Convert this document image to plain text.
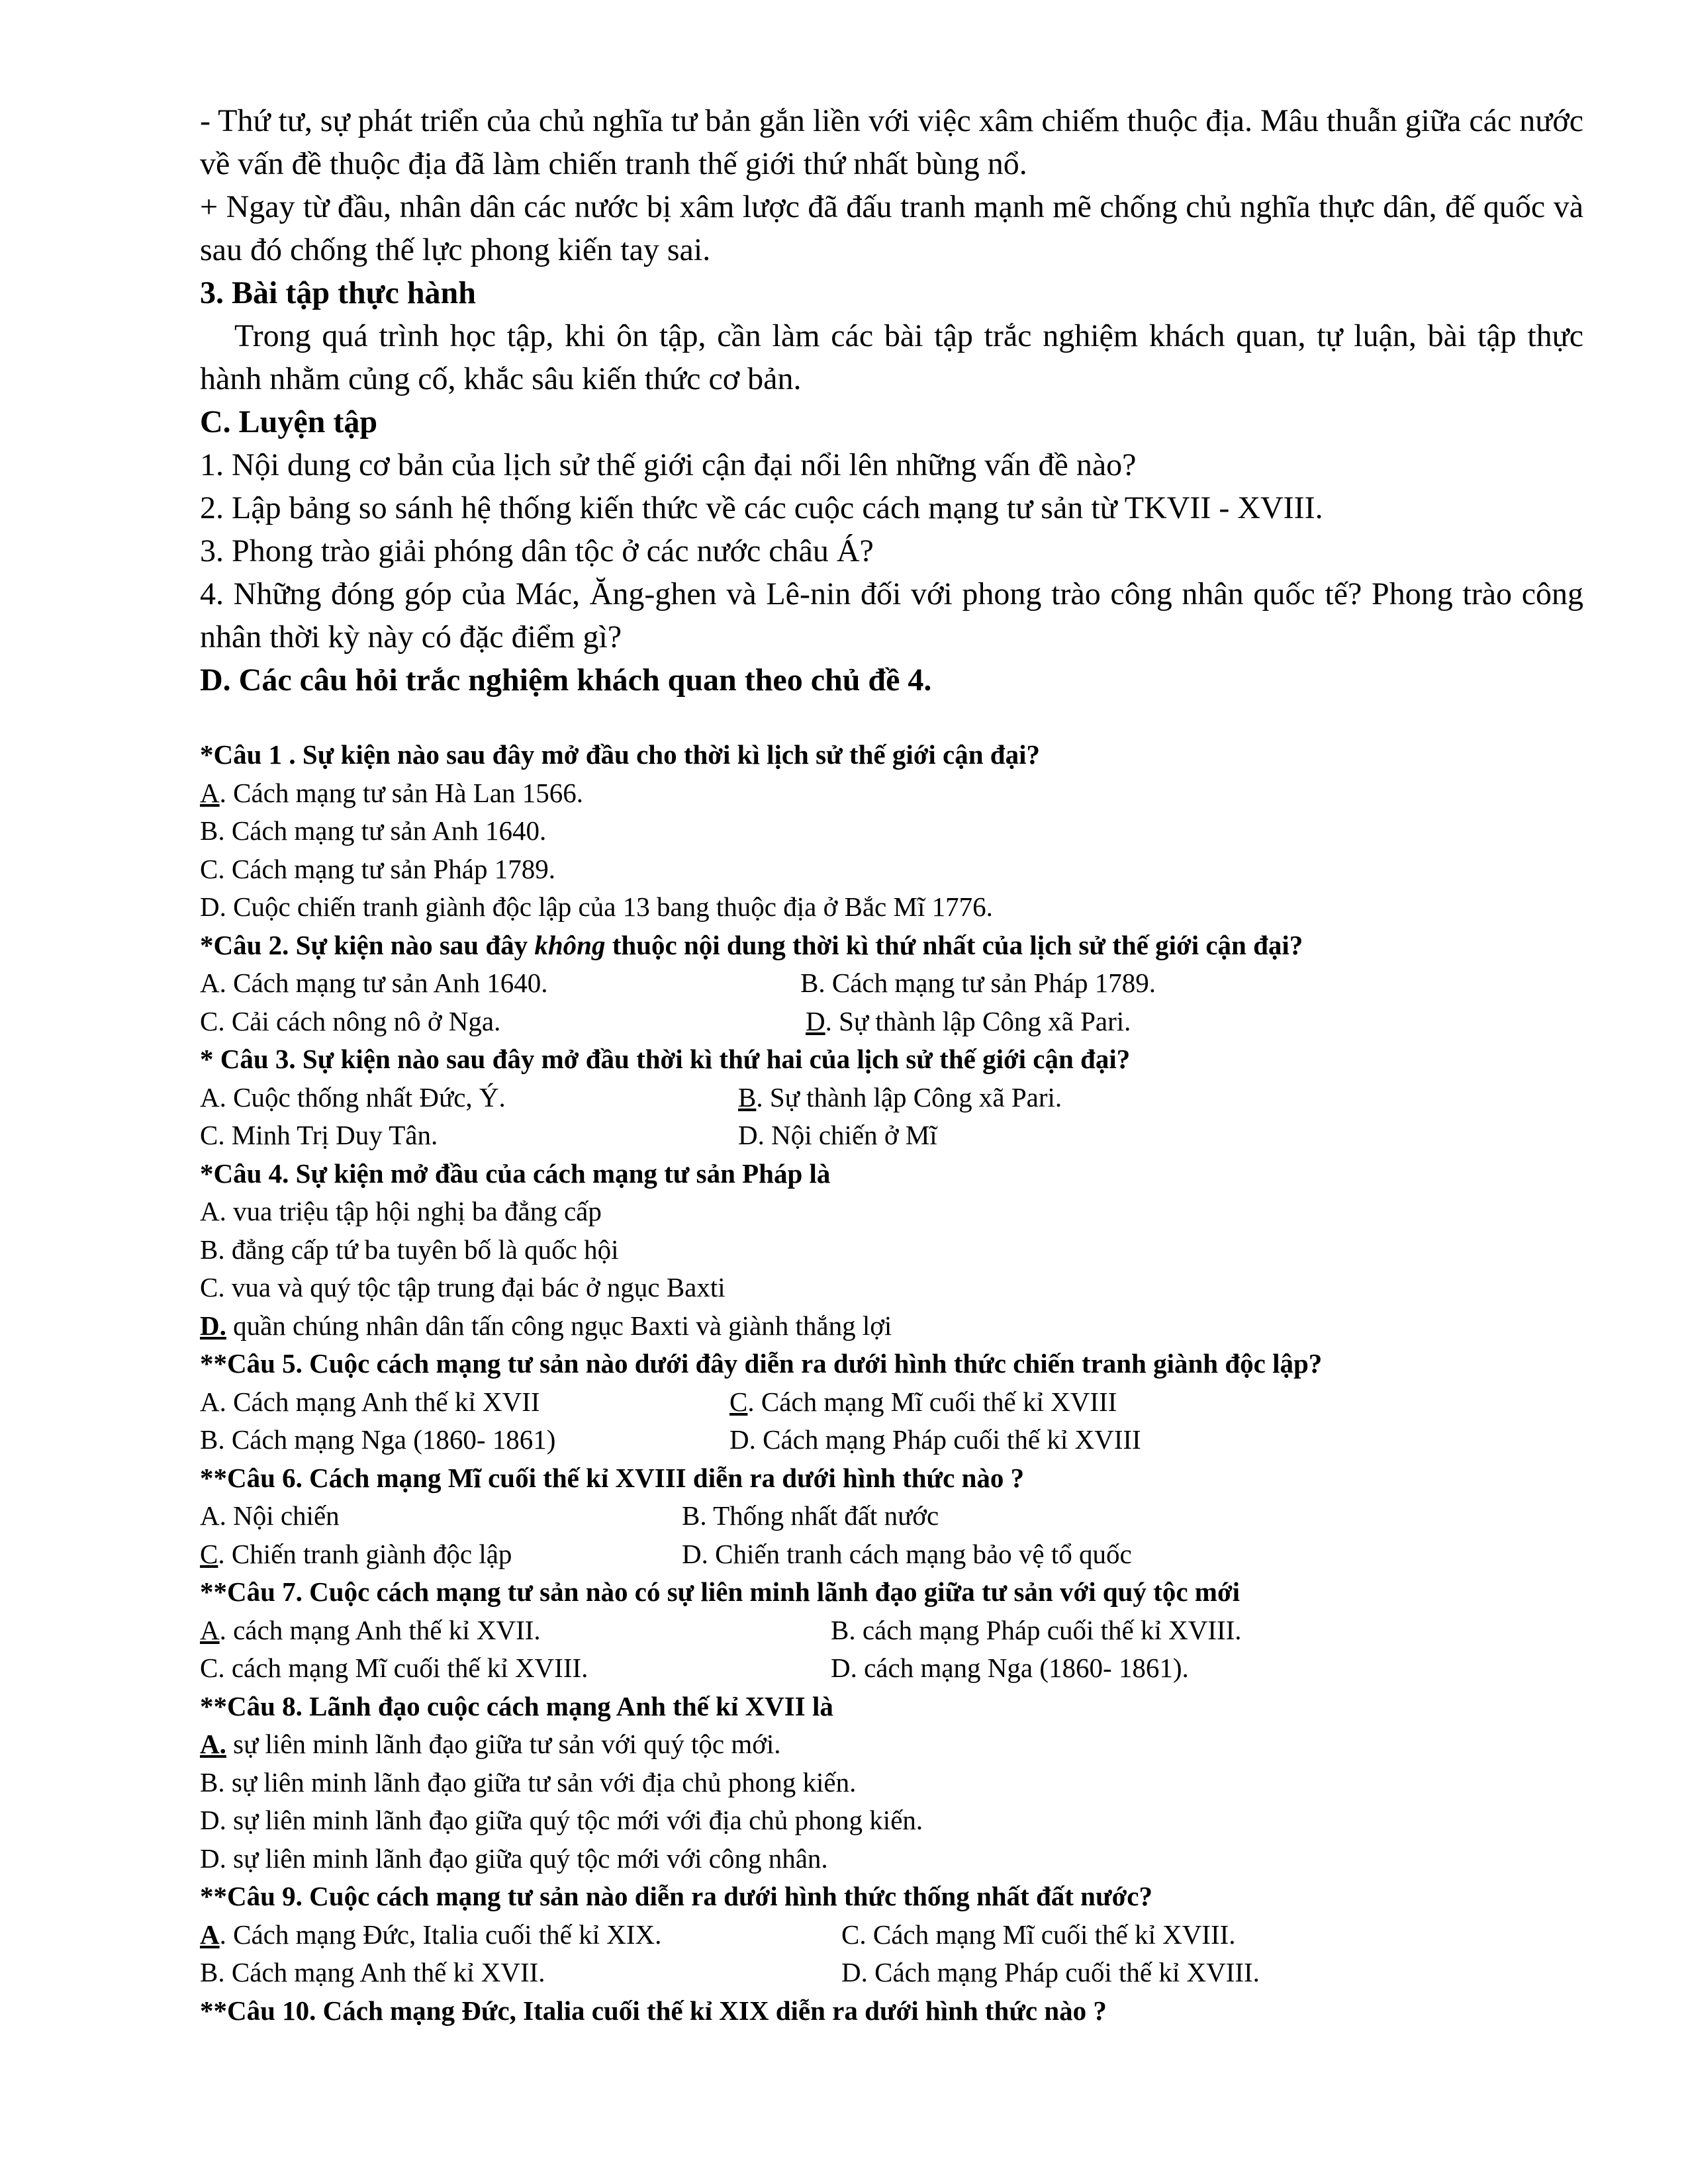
- Thứ tư, sự phát triển của chủ nghĩa tư bản gắn liền với việc xâm chiếm thuộc địa. Mâu thuẫn giữa các nước về vấn đề thuộc địa đã làm chiến tranh thế giới thứ nhất bùng nổ.

+ Ngay từ đầu, nhân dân các nước bị xâm lược đã đấu tranh mạnh mẽ chống chủ nghĩa thực dân, đế quốc và sau đó chống thế lực phong kiến tay sai.

3. Bài tập thực hành

Trong quá trình học tập, khi ôn tập, cần làm các bài tập trắc nghiệm khách quan, tự luận, bài tập thực hành nhằm củng cố, khắc sâu kiến thức cơ bản.

C. Luyện tập

1. Nội dung cơ bản của lịch sử thế giới cận đại nổi lên những vấn đề nào?

2. Lập bảng so sánh hệ thống kiến thức về các cuộc cách mạng tư sản từ TKVII - XVIII.

3. Phong trào giải phóng dân tộc ở các nước châu Á?

4. Những đóng góp của Mác, Ăng-ghen và Lê-nin đối với phong trào công nhân quốc tế? Phong trào công nhân thời kỳ này có đặc điểm gì?

D. Các câu hỏi trắc nghiệm khách quan theo chủ đề 4.

*Câu 1 . Sự kiện nào sau đây mở đầu cho thời kì lịch sử thế giới cận đại?

A. Cách mạng tư sản Hà Lan 1566.

B. Cách mạng tư sản Anh 1640.

C. Cách mạng tư sản Pháp 1789.

D. Cuộc chiến tranh giành độc lập của 13 bang thuộc địa ở Bắc Mĩ 1776.

*Câu 2. Sự kiện nào sau đây không thuộc nội dung thời kì thứ nhất của lịch sử thế giới cận đại?

A. Cách mạng tư sản Anh 1640.	B. Cách mạng tư sản Pháp 1789.
C. Cải cách nông nô ở Nga.	D. Sự thành lập Công xã Pari.

* Câu 3. Sự kiện nào sau đây mở đầu thời kì thứ hai của lịch sử thế giới cận đại?

A. Cuộc thống nhất Đức, Ý.	B. Sự thành lập Công xã Pari.
C. Minh Trị Duy Tân.	D. Nội chiến ở Mĩ

*Câu 4. Sự kiện mở đầu của cách mạng tư sản Pháp là

A. vua triệu tập hội nghị ba đẳng cấp

B. đẳng cấp tứ ba tuyên bố là quốc hội

C. vua và quý tộc tập trung đại bác ở ngục Baxti

D. quần chúng nhân dân tấn công ngục Baxti và giành thắng lợi

**Câu 5. Cuộc cách mạng tư sản nào dưới đây diễn ra dưới hình thức chiến tranh giành độc lập?

A. Cách mạng Anh thế kỉ XVII	C. Cách mạng Mĩ cuối thế kỉ XVIII
B. Cách mạng Nga (1860- 1861)	D. Cách mạng Pháp cuối thế kỉ XVIII

**Câu 6. Cách mạng Mĩ cuối thế kỉ XVIII diễn ra dưới hình thức nào ?

A. Nội chiến	B. Thống nhất đất nước
C. Chiến tranh giành độc lập	D. Chiến tranh cách mạng bảo vệ tổ quốc

**Câu 7. Cuộc cách mạng tư sản nào có sự liên minh lãnh đạo giữa tư sản với quý tộc mới

A. cách mạng Anh thế kỉ XVII.	B. cách mạng Pháp cuối thế kỉ XVIII.
C. cách mạng Mĩ cuối thế kỉ XVIII.	D. cách mạng Nga (1860- 1861).

**Câu 8. Lãnh đạo cuộc cách mạng Anh thế kỉ XVII là

A. sự liên minh lãnh đạo giữa tư sản với quý tộc mới.

B. sự liên minh lãnh đạo giữa tư sản với địa chủ phong kiến.

D. sự liên minh lãnh đạo giữa quý tộc mới với địa chủ phong kiến.

D. sự liên minh lãnh đạo giữa quý tộc mới với công nhân.

**Câu 9. Cuộc cách mạng tư sản nào diễn ra dưới hình thức thống nhất đất nước?

A. Cách mạng Đức, Italia cuối thế kỉ XIX.	C. Cách mạng Mĩ cuối thế kỉ XVIII.
B. Cách mạng Anh thế kỉ XVII.	D. Cách mạng Pháp cuối thế kỉ XVIII.

**Câu 10. Cách mạng Đức, Italia cuối thế kỉ XIX diễn ra dưới hình thức nào ?
